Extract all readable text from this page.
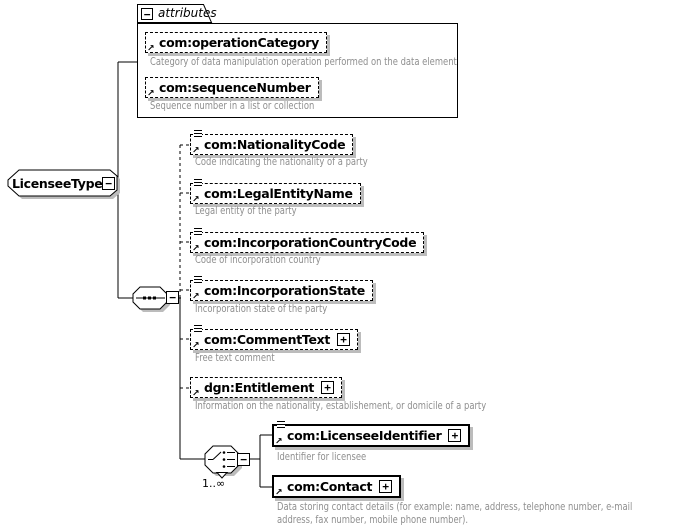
LicenseeType −
− attributes
↗ com:operationCategory
Category of data manipulation operation performed on the data element
↗ com:sequenceNumber
Sequence number in a list or collection
−
↗ com:NationalityCode
Code indicating the nationality of a party
↗ com:LegalEntityName
Legal entity of the party
↗ com:IncorporationCountryCode
Code of incorporation country
↗ com:IncorporationState
Incorporation state of the party
↗ com:CommentText +
Free text comment
↗ dgn:Entitlement +
Information on the nationality, establishement, or domicile of a party
−
1..∞
↗ com:LicenseeIdentifier +
Identifier for licensee
↗ com:Contact +
Data storing contact details (for example: name, address, telephone number, e-mail address, fax number, mobile phone number).
